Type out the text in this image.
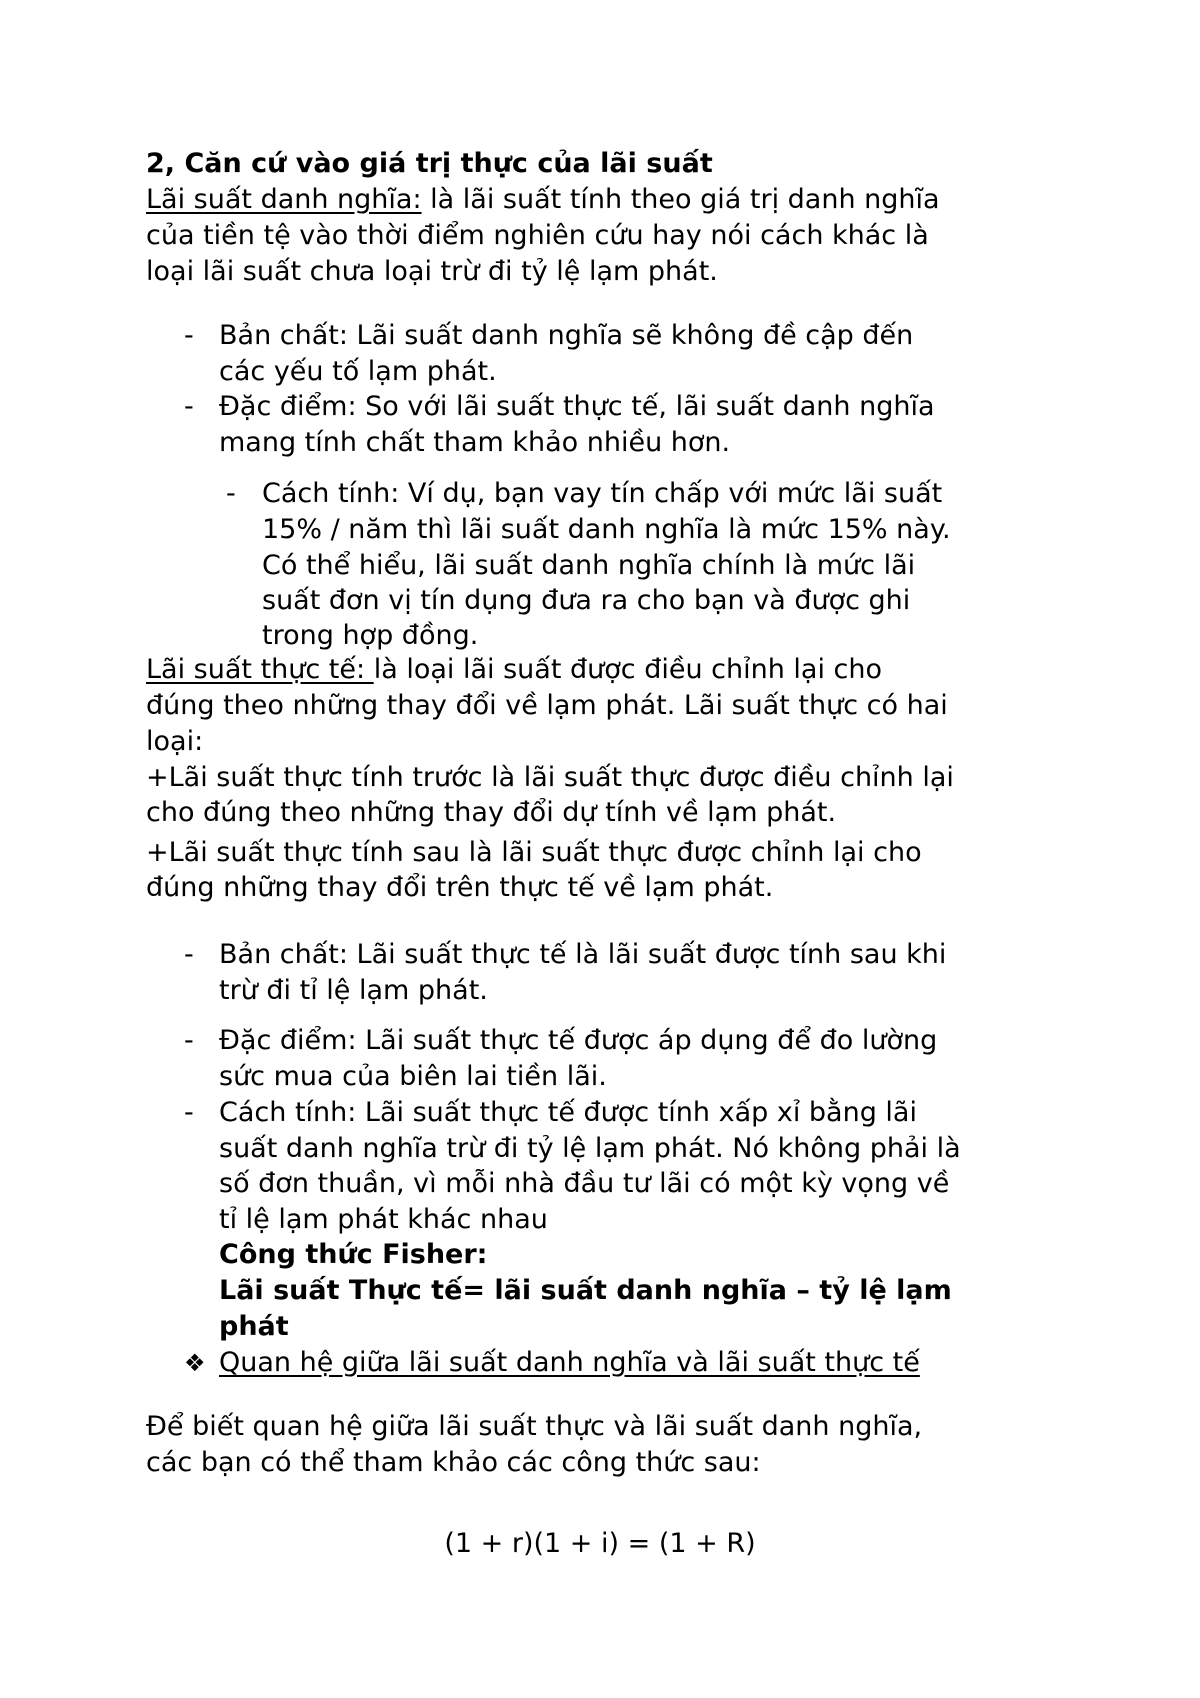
2, Căn cứ vào giá trị thực của lãi suất
Lãi suất danh nghĩa: là lãi suất tính theo giá trị danh nghĩa
của tiền tệ vào thời điểm nghiên cứu hay nói cách khác là
loại lãi suất chưa loại trừ đi tỷ lệ lạm phát.
- Bản chất: Lãi suất danh nghĩa sẽ không đề cập đến
các yếu tố lạm phát.
- Đặc điểm: So với lãi suất thực tế, lãi suất danh nghĩa
mang tính chất tham khảo nhiều hơn.
- Cách tính: Ví dụ, bạn vay tín chấp với mức lãi suất
15% / năm thì lãi suất danh nghĩa là mức 15% này.
Có thể hiểu, lãi suất danh nghĩa chính là mức lãi
suất đơn vị tín dụng đưa ra cho bạn và được ghi
trong hợp đồng.
Lãi suất thực tế: là loại lãi suất được điều chỉnh lại cho
đúng theo những thay đổi về lạm phát. Lãi suất thực có hai
loại:
+Lãi suất thực tính trước là lãi suất thực được điều chỉnh lại
cho đúng theo những thay đổi dự tính về lạm phát.
+Lãi suất thực tính sau là lãi suất thực được chỉnh lại cho
đúng những thay đổi trên thực tế về lạm phát.
- Bản chất: Lãi suất thực tế là lãi suất được tính sau khi
trừ đi tỉ lệ lạm phát.
- Đặc điểm: Lãi suất thực tế được áp dụng để đo lường
sức mua của biên lai tiền lãi.
- Cách tính: Lãi suất thực tế được tính xấp xỉ bằng lãi
suất danh nghĩa trừ đi tỷ lệ lạm phát. Nó không phải là
số đơn thuần, vì mỗi nhà đầu tư lãi có một kỳ vọng về
tỉ lệ lạm phát khác nhau
Công thức Fisher:
Lãi suất Thực tế= lãi suất danh nghĩa – tỷ lệ lạm
phát
❖ Quan hệ giữa lãi suất danh nghĩa và lãi suất thực tế
Để biết quan hệ giữa lãi suất thực và lãi suất danh nghĩa,
các bạn có thể tham khảo các công thức sau:
(1 + r)(1 + i) = (1 + R)
